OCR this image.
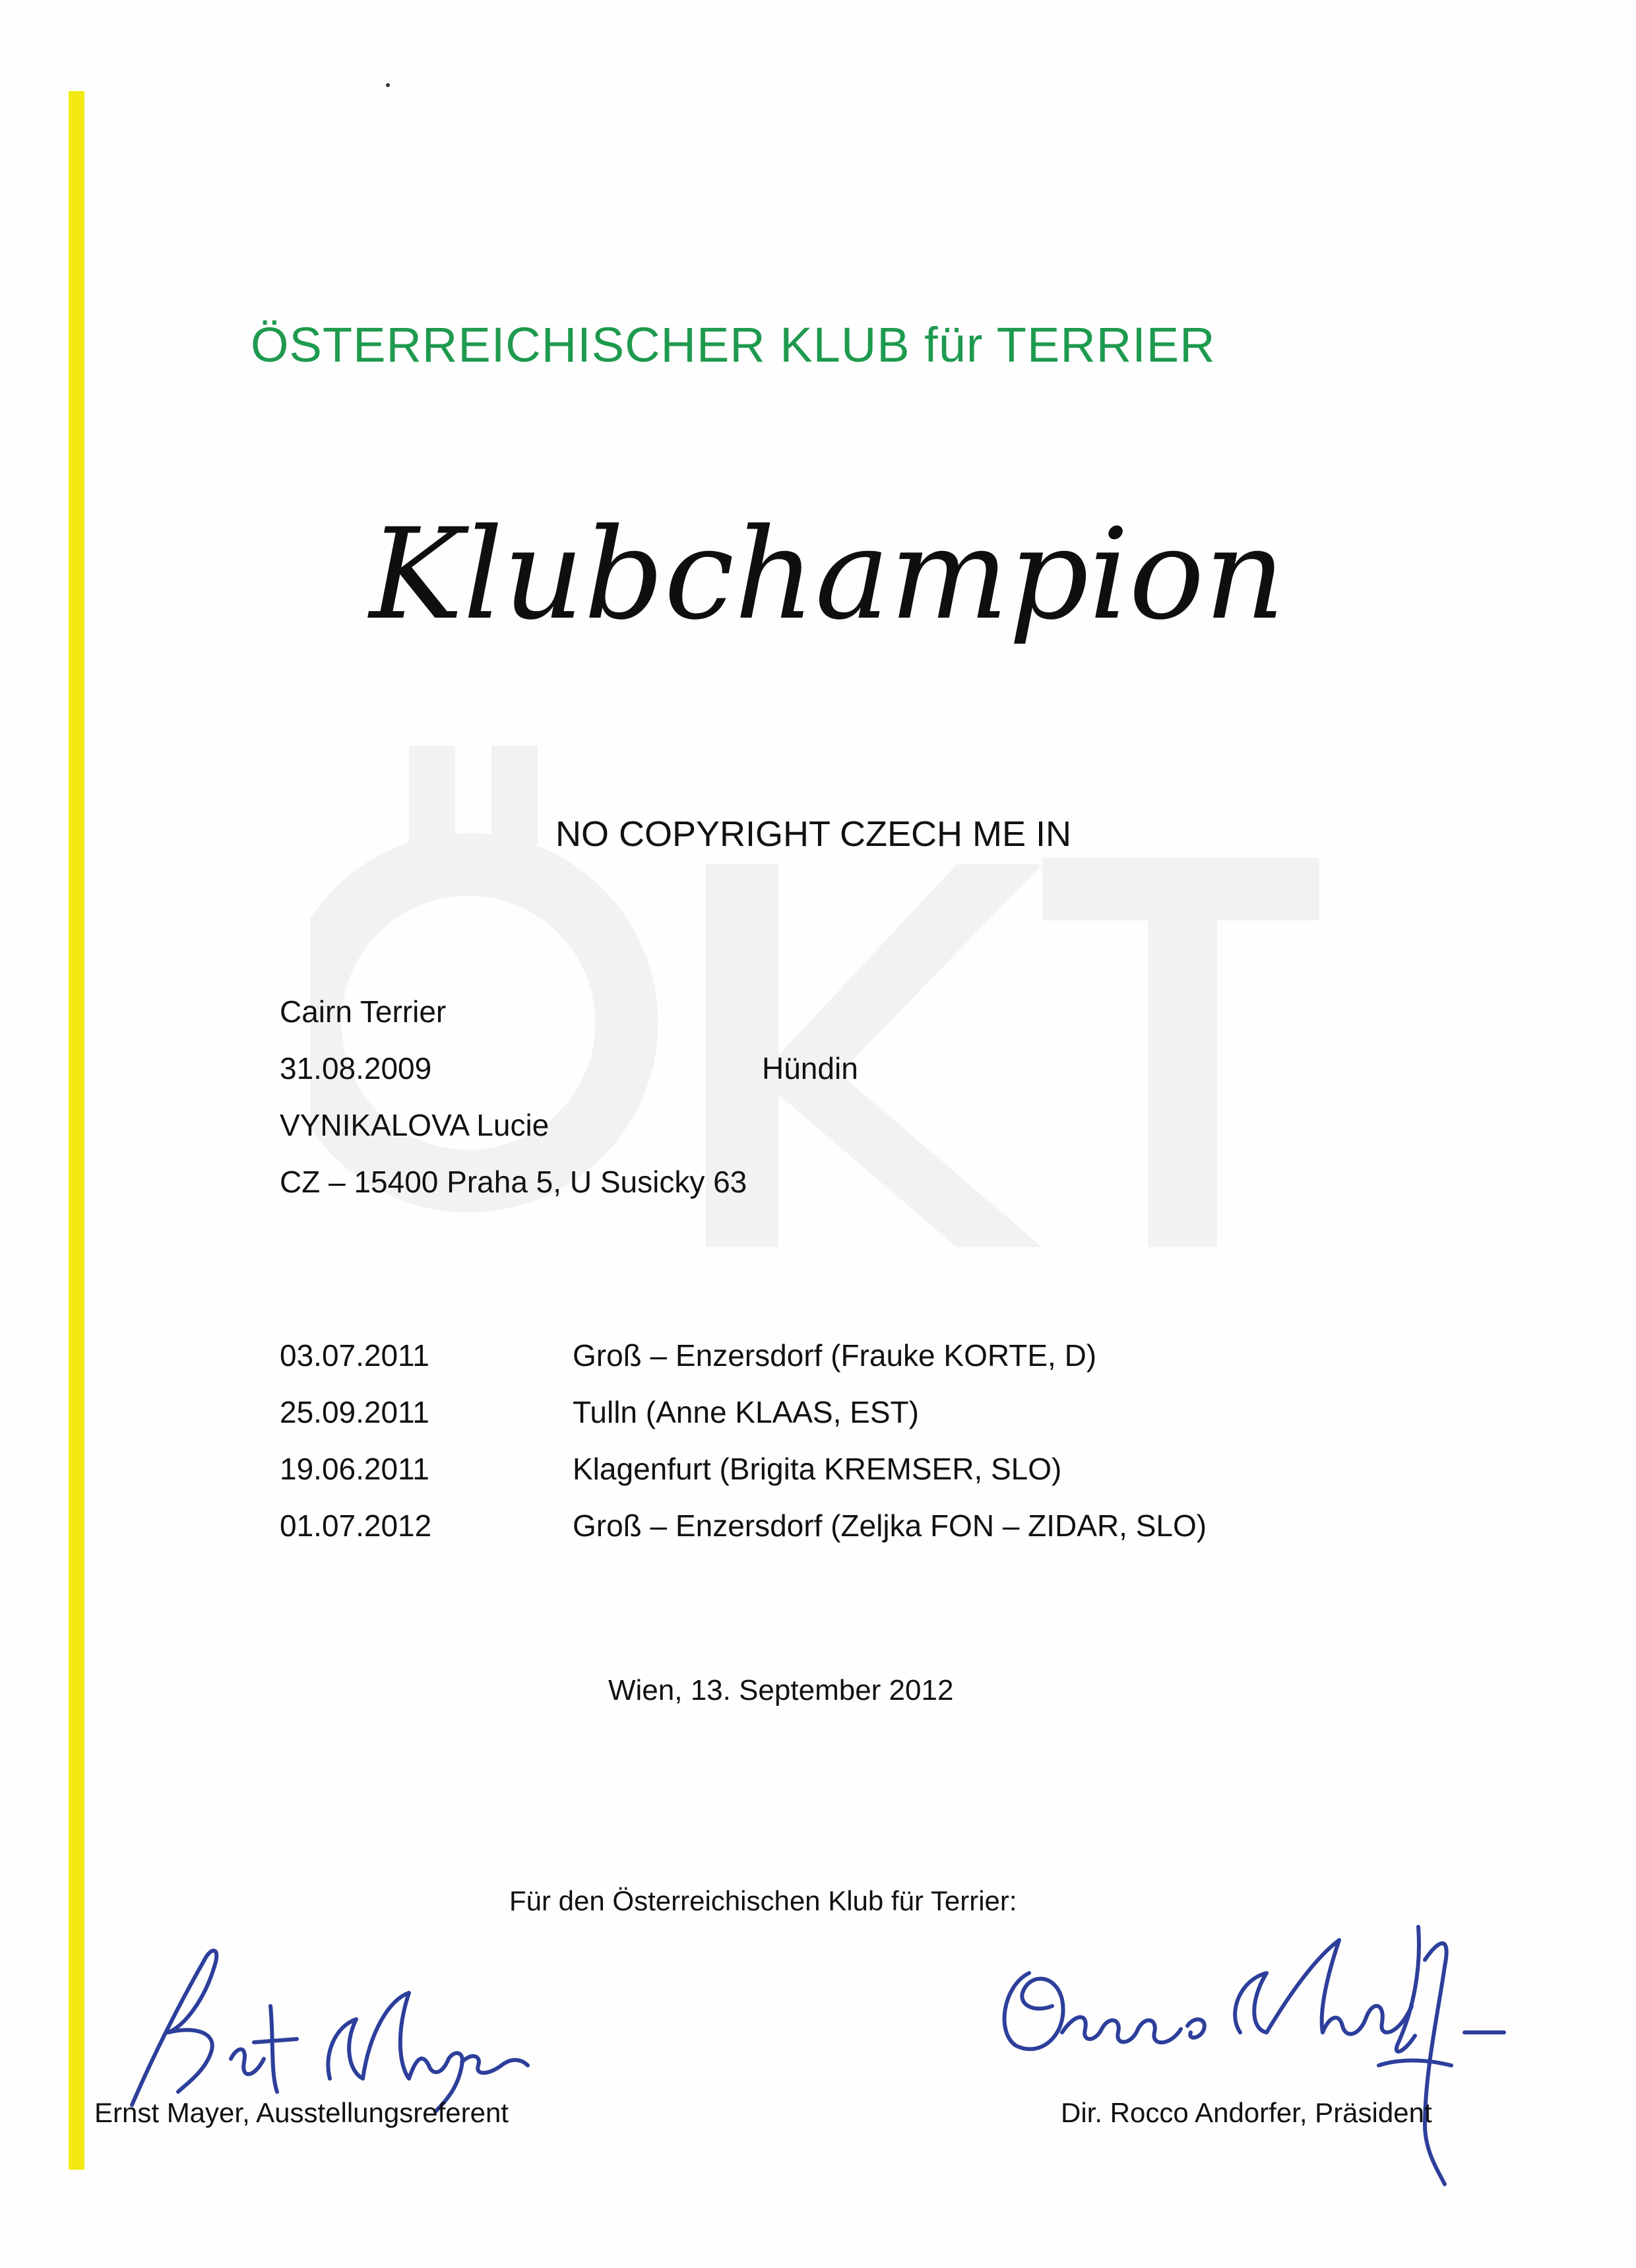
ÖSTERREICHISCHER KLUB für TERRIER
Klubchampion
NO COPYRIGHT CZECH ME IN
Cairn Terrier
31.08.2009	Hündin
VYNIKALOVA Lucie
CZ – 15400 Praha 5, U Susicky 63
03.07.2011	Groß – Enzersdorf (Frauke KORTE, D)
25.09.2011	Tulln (Anne KLAAS, EST)
19.06.2011	Klagenfurt (Brigita KREMSER, SLO)
01.07.2012	Groß – Enzersdorf (Zeljka FON – ZIDAR, SLO)
Wien, 13. September 2012
Für den Österreichischen Klub für Terrier:
Ernst Mayer, Ausstellungsreferent	Dir. Rocco Andorfer, Präsident
